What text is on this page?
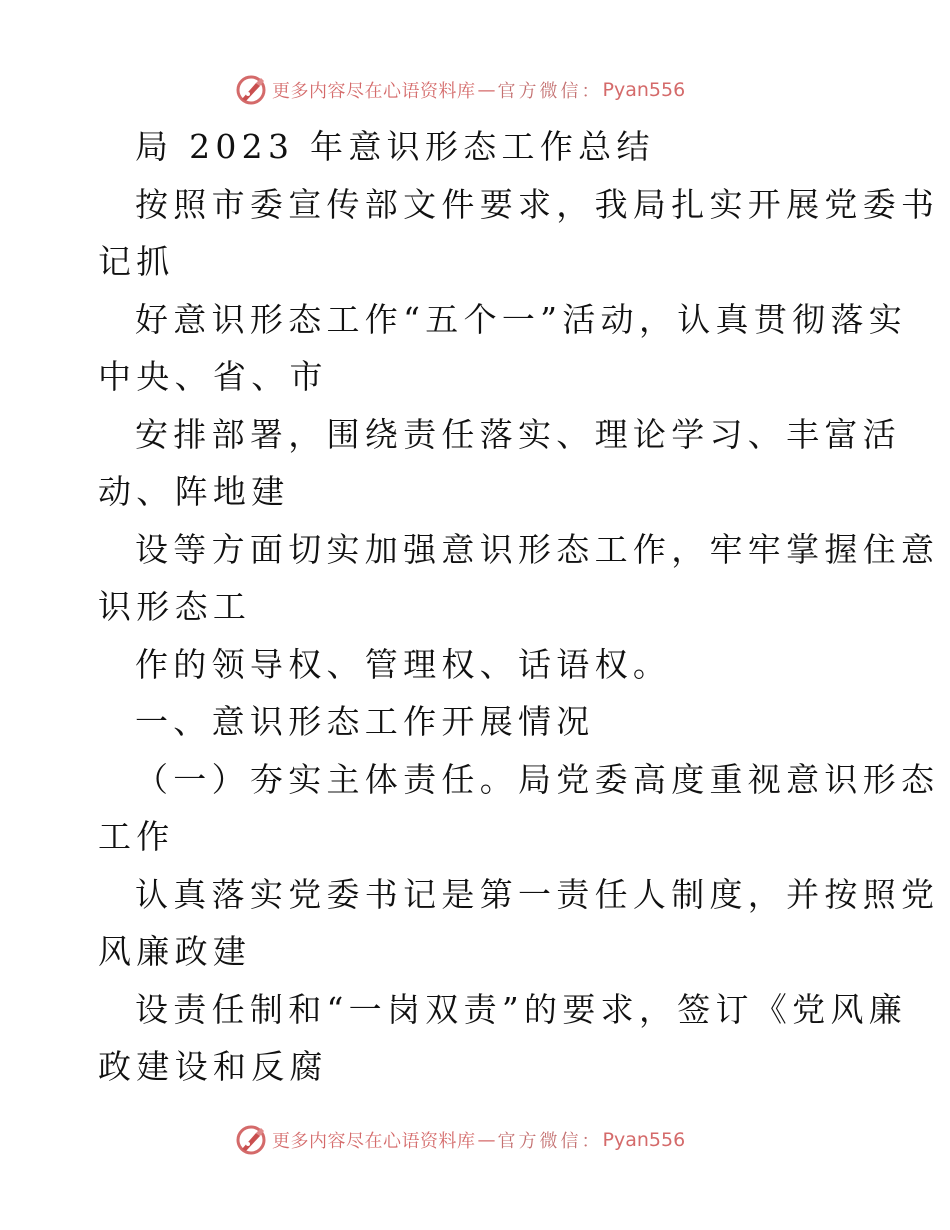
更多内容尽在心语资料库 — 官方微信： Pyan556
局 2023 年意识形态工作总结
按照市委宣传部文件要求，我局扎实开展党委书
记抓
好意识形态工作“五个一”活动，认真贯彻落实
中央、省、市
安排部署，围绕责任落实、理论学习、丰富活
动、阵地建
设等方面切实加强意识形态工作，牢牢掌握住意
识形态工
作的领导权、管理权、话语权。
一、意识形态工作开展情况
（一）夯实主体责任。局党委高度重视意识形态
工作
认真落实党委书记是第一责任人制度，并按照党
风廉政建
设责任制和“一岗双责”的要求，签订《党风廉
政建设和反腐
更多内容尽在心语资料库 — 官方微信： Pyan556
